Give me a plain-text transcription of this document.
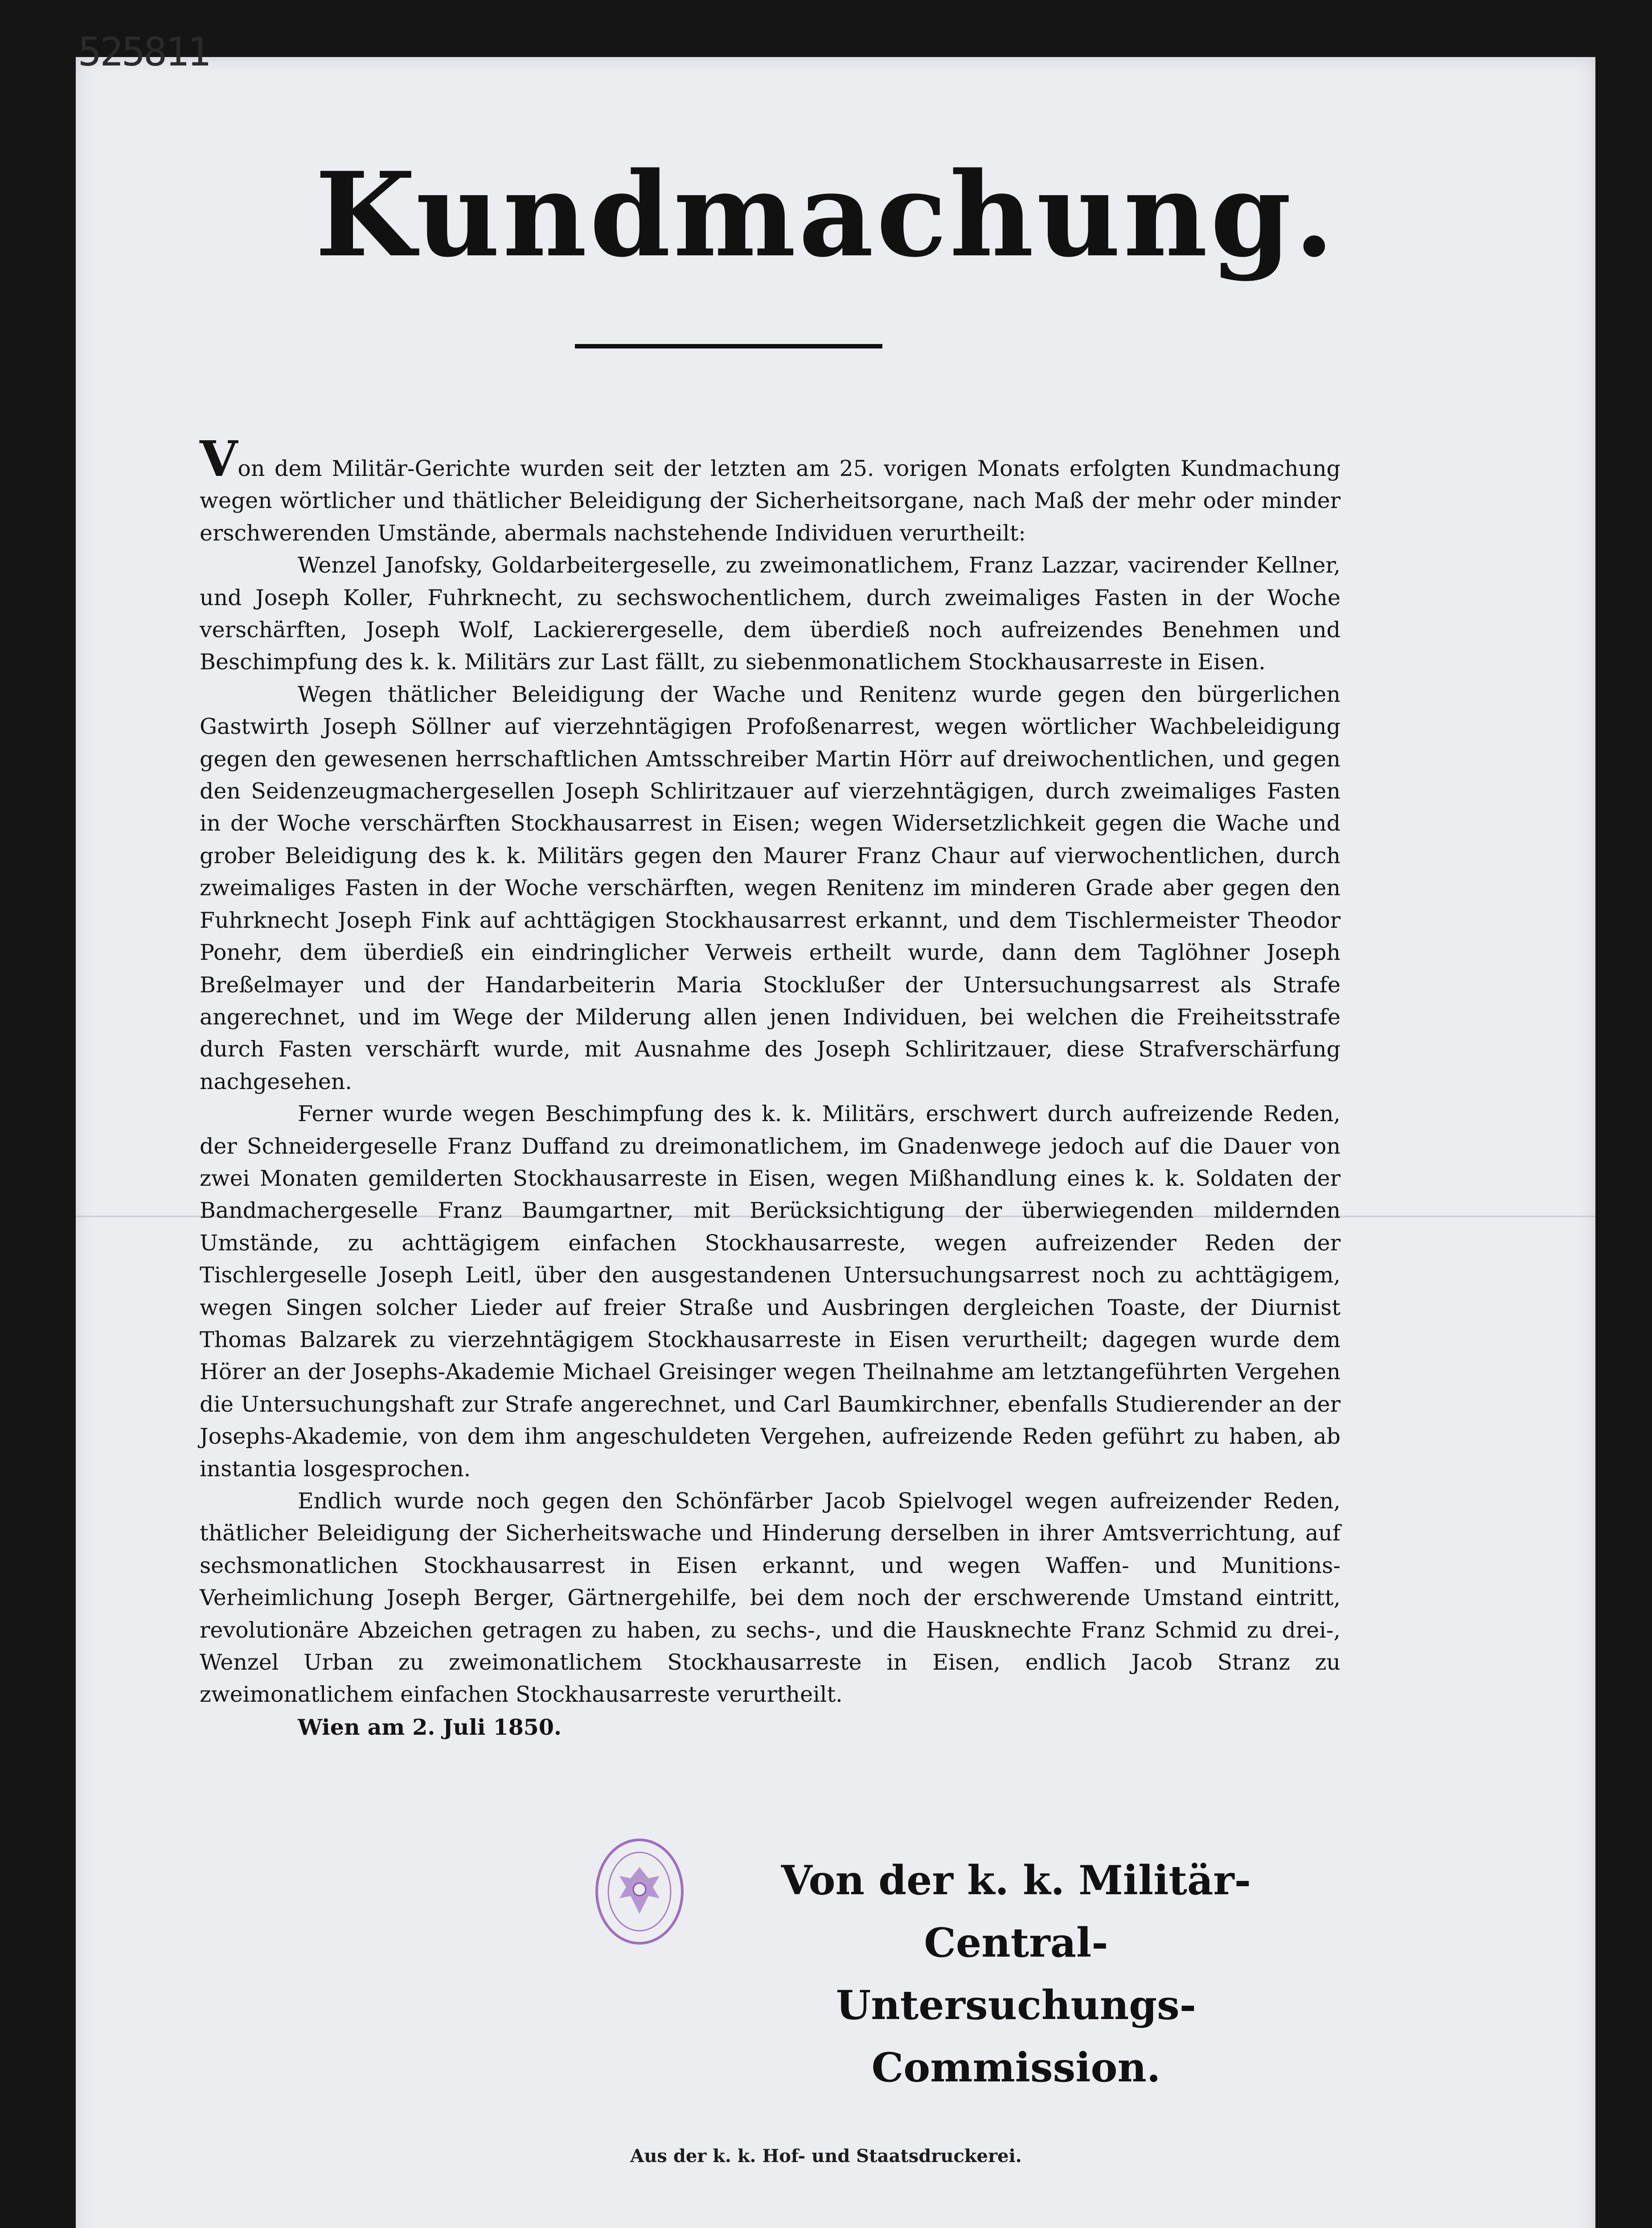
525811
Kundmachung.

Von dem Militär-Gerichte wurden seit der letzten am 25. vorigen Monats erfolgten Kundmachung wegen wörtlicher und thätlicher Beleidigung der Sicherheitsorgane, nach Maß der mehr oder minder erschwerenden Umstände, abermals nachstehende Individuen verurtheilt:

Wenzel Janofsky, Goldarbeitergeselle, zu zweimonatlichem, Franz Lazzar, vacirender Kellner, und Joseph Koller, Fuhrknecht, zu sechswochentlichem, durch zweimaliges Fasten in der Woche verschärften, Joseph Wolf, Lackierergeselle, dem überdieß noch aufreizendes Benehmen und Beschimpfung des k. k. Militärs zur Last fällt, zu siebenmonatlichem Stockhausarreste in Eisen.

Wegen thätlicher Beleidigung der Wache und Renitenz wurde gegen den bürgerlichen Gastwirth Joseph Söllner auf vierzehntägigen Profoßenarrest, wegen wörtlicher Wachbeleidigung gegen den gewesenen herrschaftlichen Amtsschreiber Martin Hörr auf dreiwochentlichen, und gegen den Seidenzeugmachergesellen Joseph Schliritzauer auf vierzehntägigen, durch zweimaliges Fasten in der Woche verschärften Stockhausarrest in Eisen; wegen Widersetzlichkeit gegen die Wache und grober Beleidigung des k. k. Militärs gegen den Maurer Franz Chaur auf vierwochentlichen, durch zweimaliges Fasten in der Woche verschärften, wegen Renitenz im minderen Grade aber gegen den Fuhrknecht Joseph Fink auf achttägigen Stockhausarrest erkannt, und dem Tischlermeister Theodor Ponehr, dem überdieß ein eindringlicher Verweis ertheilt wurde, dann dem Taglöhner Joseph Breßelmayer und der Handarbeiterin Maria Stocklußer der Untersuchungsarrest als Strafe angerechnet, und im Wege der Milderung allen jenen Individuen, bei welchen die Freiheitsstrafe durch Fasten verschärft wurde, mit Ausnahme des Joseph Schliritzauer, diese Strafverschärfung nachgesehen.

Ferner wurde wegen Beschimpfung des k. k. Militärs, erschwert durch aufreizende Reden, der Schneidergeselle Franz Duffand zu dreimonatlichem, im Gnadenwege jedoch auf die Dauer von zwei Monaten gemilderten Stockhausarreste in Eisen, wegen Mißhandlung eines k. k. Soldaten der Bandmachergeselle Franz Baumgartner, mit Berücksichtigung der überwiegenden mildernden Umstände, zu achttägigem einfachen Stockhausarreste, wegen aufreizender Reden der Tischlergeselle Joseph Leitl, über den ausgestandenen Untersuchungsarrest noch zu achttägigem, wegen Singen solcher Lieder auf freier Straße und Ausbringen dergleichen Toaste, der Diurnist Thomas Balzarek zu vierzehntägigem Stockhausarreste in Eisen verurtheilt; dagegen wurde dem Hörer an der Josephs-Akademie Michael Greisinger wegen Theilnahme am letztangeführten Vergehen die Untersuchungshaft zur Strafe angerechnet, und Carl Baumkirchner, ebenfalls Studierender an der Josephs-Akademie, von dem ihm angeschuldeten Vergehen, aufreizende Reden geführt zu haben, ab instantia losgesprochen.

Endlich wurde noch gegen den Schönfärber Jacob Spielvogel wegen aufreizender Reden, thätlicher Beleidigung der Sicherheitswache und Hinderung derselben in ihrer Amtsverrichtung, auf sechsmonatlichen Stockhausarrest in Eisen erkannt, und wegen Waffen- und Munitions-Verheimlichung Joseph Berger, Gärtnergehilfe, bei dem noch der erschwerende Umstand eintritt, revolutionäre Abzeichen getragen zu haben, zu sechs-, und die Hausknechte Franz Schmid zu drei-, Wenzel Urban zu zweimonatlichem Stockhausarreste in Eisen, endlich Jacob Stranz zu zweimonatlichem einfachen Stockhausarreste verurtheilt.

Wien am 2. Juli 1850.

Von der k. k. Militär-Central-
Untersuchungs-Commission.
Aus der k. k. Hof- und Staatsdruckerei.
